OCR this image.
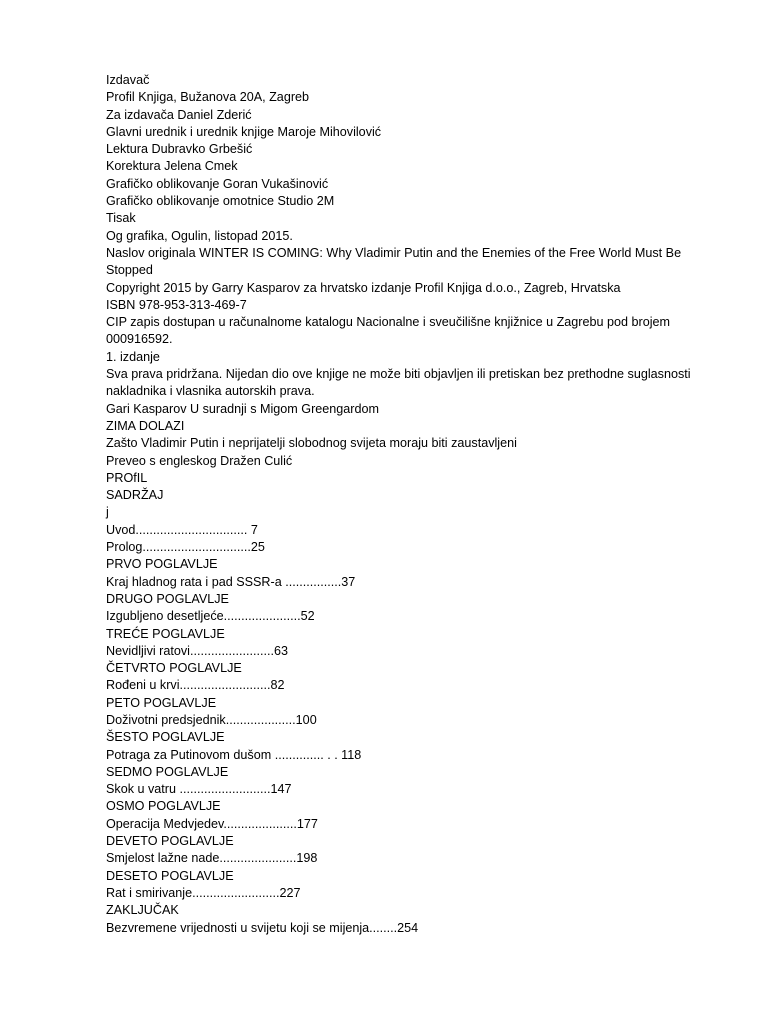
Izdavač
Profil Knjiga, Bužanova 20A, Zagreb
Za izdavača Daniel Zderić
Glavni urednik i urednik knjige Maroje Mihovilović
Lektura Dubravko Grbešić
Korektura Jelena Cmek
Grafičko oblikovanje Goran Vukašinović
Grafičko oblikovanje omotnice Studio 2M
Tisak
Og grafika, Ogulin, listopad 2015.
Naslov originala WINTER IS COMING: Why Vladimir Putin and the Enemies of the Free World Must Be Stopped
Copyright 2015 by Garry Kasparov za hrvatsko izdanje Profil Knjiga d.o.o., Zagreb, Hrvatska
ISBN 978-953-313-469-7
CIP zapis dostupan u računalnome katalogu Nacionalne i sveučilišne knjižnice u Zagrebu pod brojem 000916592.
1. izdanje
Sva prava pridržana. Nijedan dio ove knjige ne može biti objavljen ili pretiskan bez prethodne suglasnosti nakladnika i vlasnika autorskih prava.
Gari Kasparov U suradnji s Migom Greengardom
ZIMA DOLAZI
Zašto Vladimir Putin i neprijatelji slobodnog svijeta moraju biti zaustavljeni
Preveo s engleskog Dražen Culić
PROfIL
SADRŽAJ
j
Uvod................................ 7
Prolog...............................25
PRVO POGLAVLJE
Kraj hladnog rata i pad SSSR-a ................37
DRUGO POGLAVLJE
Izgubljeno desetljeće......................52
TREĆE POGLAVLJE
Nevidljivi ratovi........................63
ČETVRTO POGLAVLJE
Rođeni u krvi..........................82
PETO POGLAVLJE
Doživotni predsjednik....................100
ŠESTO POGLAVLJE
Potraga za Putinovom dušom .............. . . 118
SEDMO POGLAVLJE
Skok u vatru ..........................147
OSMO POGLAVLJE
Operacija Medvjedev.....................177
DEVETO POGLAVLJE
Smjelost lažne nade......................198
DESETO POGLAVLJE
Rat i smirivanje.........................227
ZAKLJUČAK
Bezvremene vrijednosti u svijetu koji se mijenja........254
